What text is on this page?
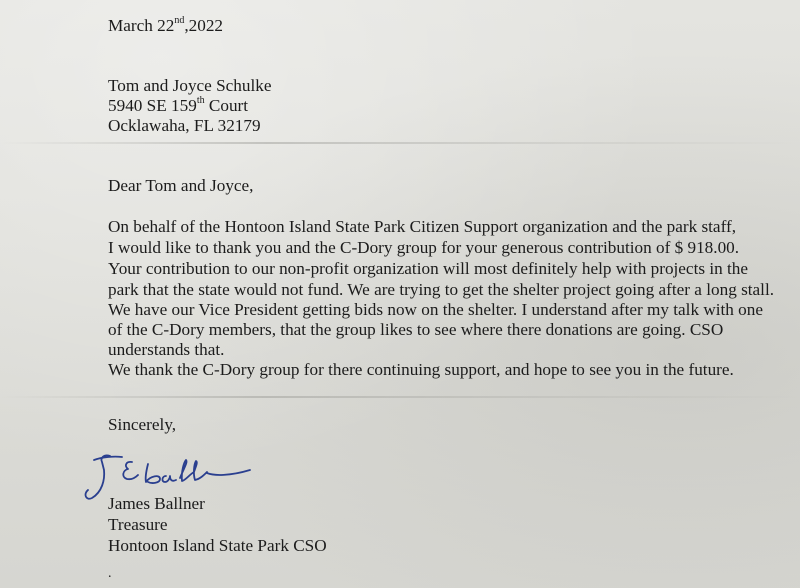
March 22nd,2022
Tom and Joyce Schulke
5940 SE 159th Court
Ocklawaha, FL 32179
Dear Tom and Joyce,
On behalf of the Hontoon Island State Park Citizen Support organization and the park staff,
I would like to thank you and the C-Dory group for your generous contribution of $ 918.00.
Your contribution to our non-profit organization will most definitely help with projects in the
park that the state would not fund. We are trying to get the shelter project going after a long stall.
We have our Vice President getting bids now on the shelter. I understand after my talk with one
of the C-Dory members, that the group likes to see where there donations are going. CSO
understands that.
We thank the C-Dory group for there continuing support, and hope to see you in the future.
Sincerely,
James Ballner
Treasure
Hontoon Island State Park CSO
.
